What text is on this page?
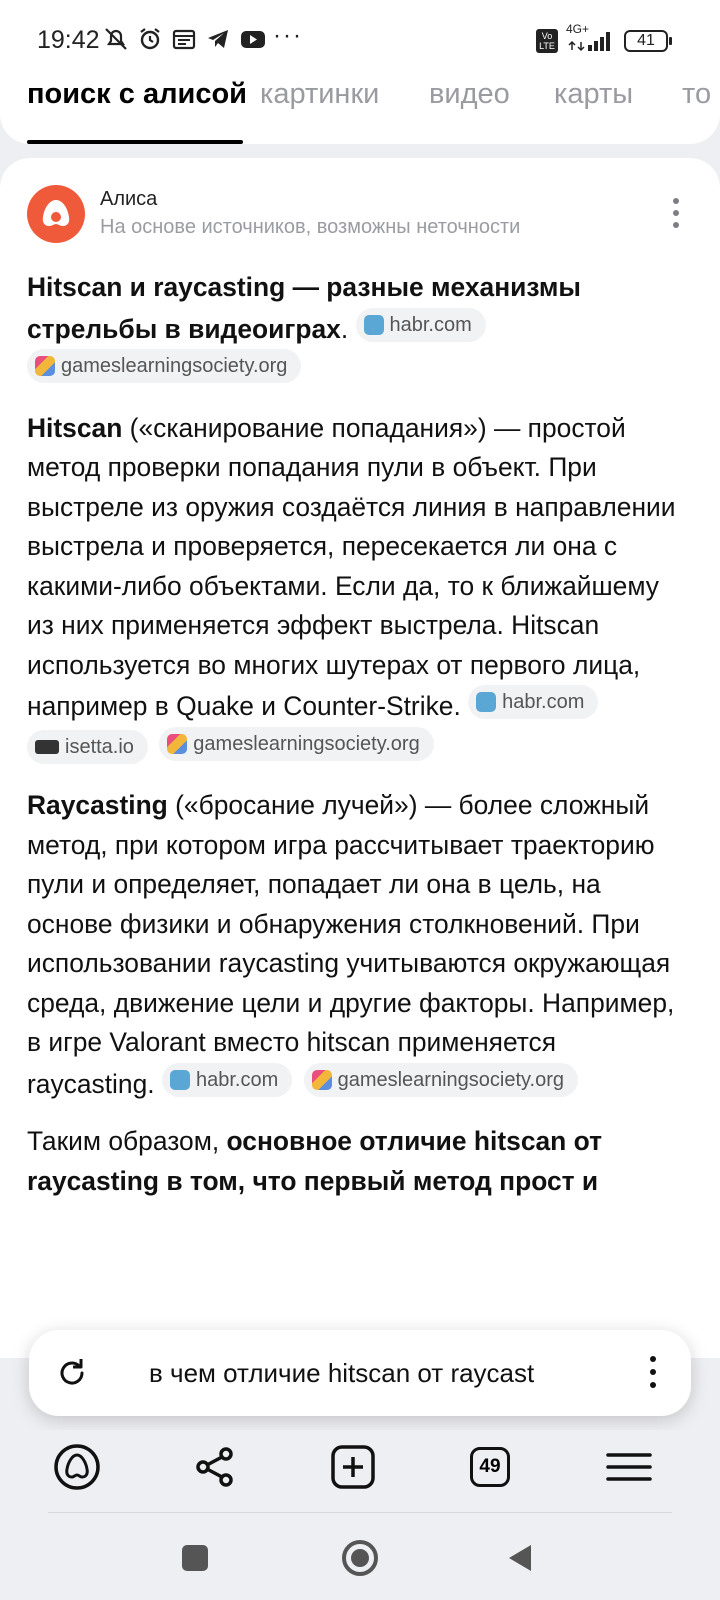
19:42	···	Vo LTE
4G+
41
поиск с алисой картинки видео карты то
Алиса
На основе источников, возможны неточности

Hitscan и raycasting — разные механизмы стрельбы в видеоиграх. habr.com

gameslearningsociety.org

Hitscan («сканирование попадания») — простой метод проверки попадания пули в объект. При выстреле из оружия создаётся линия в направлении выстрела и проверяется, пересекается ли она с какими-либо объектами. Если да, то к ближайшему из них применяется эффект выстрела. Hitscan используется во многих шутерах от первого лица, например в Quake и Counter-Strike. habr.com

isetta.io
	gameslearningsociety.org

Raycasting («бросание лучей») — более сложный метод, при котором игра рассчитывает траекторию пули и определяет, попадает ли она в цель, на основе физики и обнаружения столкновений. При использовании raycasting учитываются окружающая среда, движение цели и другие факторы. Например, в игре Valorant вместо hitscan применяется raycasting. habr.com
	gameslearningsociety.org

Таким образом, основное отличие hitscan от raycasting в том, что первый метод прост и

в чем отличие hitscan от raycast
49
